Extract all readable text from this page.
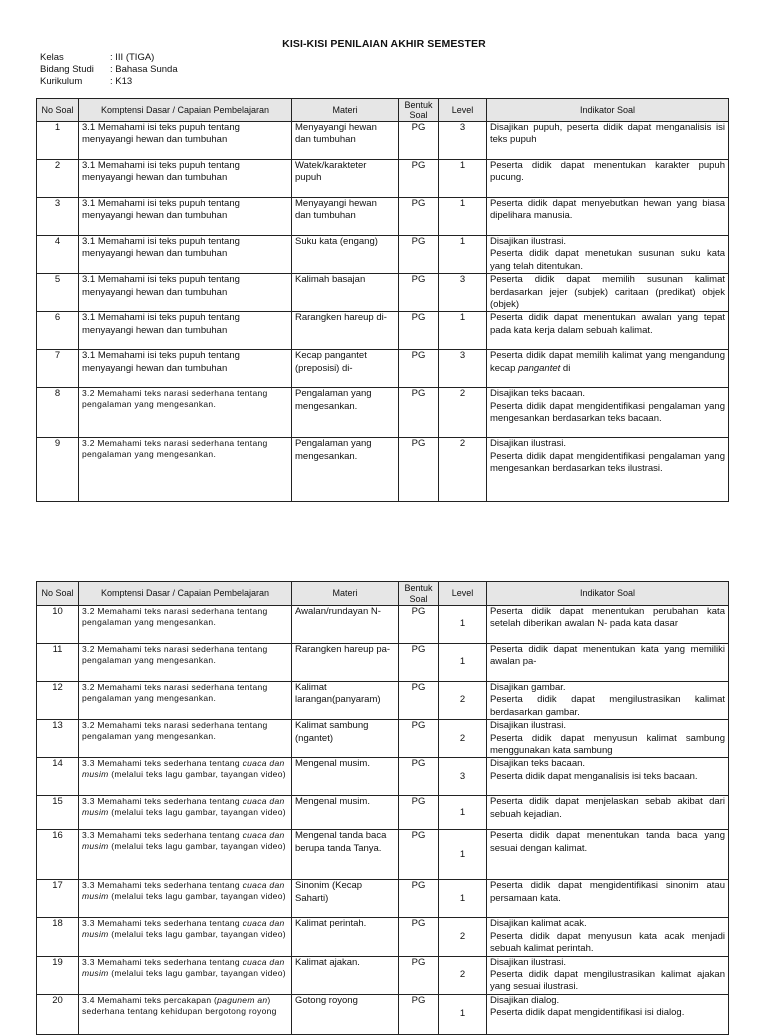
KISI-KISI PENILAIAN AKHIR SEMESTER
Kelas	: III (TIGA)
Bidang Studi	: Bahasa Sunda
Kurikulum	: K13
No Soal	Komptensi Dasar / Capaian Pembelajaran	Materi	Bentuk Soal	Level	Indikator Soal
1	3.1 Memahami isi teks pupuh tentang menyayangi hewan dan tumbuhan	Menyayangi hewan dan tumbuhan	PG	3	Disajikan pupuh, peserta didik dapat menganalisis isi teks pupuh

2	3.1 Memahami isi teks pupuh tentang menyayangi hewan dan tumbuhan	Watek/karakteter pupuh	PG	1	Peserta didik dapat menentukan karakter pupuh pucung.

3	3.1 Memahami isi teks pupuh tentang menyayangi hewan dan tumbuhan	Menyayangi hewan dan tumbuhan	PG	1	Peserta didik dapat menyebutkan hewan yang biasa dipelihara manusia.

4	3.1 Memahami isi teks pupuh tentang menyayangi hewan dan tumbuhan	Suku kata (engang)	PG	1	Disajikan ilustrasi.
Peserta didik dapat menetukan susunan suku kata yang telah ditentukan.

5	3.1 Memahami isi teks pupuh tentang menyayangi hewan dan tumbuhan	Kalimah basajan	PG	3	Peserta didik dapat memilih susunan kalimat berdasarkan jejer (subjek) caritaan (predikat) objek (objek)

6	3.1 Memahami isi teks pupuh tentang menyayangi hewan dan tumbuhan	Rarangken hareup di-	PG	1	Peserta didik dapat menentukan awalan yang tepat pada kata kerja dalam sebuah kalimat.

7	3.1 Memahami isi teks pupuh tentang menyayangi hewan dan tumbuhan	Kecap pangantet (preposisi) di-	PG	3	Peserta didik dapat memilih kalimat yang mengandung kecap pangantet di
8	3.2 Memahami teks narasi sederhana tentang pengalaman yang mengesankan.	Pengalaman yang mengesankan.	PG	2	Disajikan teks bacaan.
Peserta didik dapat mengidentifikasi pengalaman yang mengesankan berdasarkan teks bacaan.

9	3.2 Memahami teks narasi sederhana tentang pengalaman yang mengesankan.	Pengalaman yang mengesankan.	PG	2	Disajikan ilustrasi.
Peserta didik dapat mengidentifikasi pengalaman yang mengesankan berdasarkan teks ilustrasi.
No Soal	Komptensi Dasar / Capaian Pembelajaran	Materi	Bentuk Soal	Level	Indikator Soal
10	3.2 Memahami teks narasi sederhana tentang pengalaman yang mengesankan.	Awalan/rundayan N-	PG	1	Peserta didik dapat menentukan perubahan kata setelah diberikan awalan N- pada kata dasar

11	3.2 Memahami teks narasi sederhana tentang pengalaman yang mengesankan.	Rarangken hareup pa-	PG	1	Peserta didik dapat menentukan kata yang memiliki awalan pa-

12	3.2 Memahami teks narasi sederhana tentang pengalaman yang mengesankan.	Kalimat larangan(panyaram)	PG	2	Disajikan gambar.
Peserta didik dapat mengilustrasikan kalimat berdasarkan gambar.

13	3.2 Memahami teks narasi sederhana tentang pengalaman yang mengesankan.	Kalimat sambung (ngantet)	PG	2	Disajikan ilustrasi.
Peserta didik dapat menyusun kalimat sambung menggunakan kata sambung

14	3.3 Memahami teks sederhana tentang cuaca dan musim (melalui teks lagu gambar, tayangan video)	Mengenal musim.	PG	3	Disajikan teks bacaan.
Peserta didik dapat menganalisis isi teks bacaan.

15	3.3 Memahami teks sederhana tentang cuaca dan musim (melalui teks lagu gambar, tayangan video)	Mengenal musim.	PG	1	Peserta didik dapat menjelaskan sebab akibat dari sebuah kejadian.

16	3.3 Memahami teks sederhana tentang cuaca dan musim (melalui teks lagu gambar, tayangan video)	Mengenal tanda baca berupa tanda Tanya.	PG	1	Peserta didik dapat menentukan tanda baca yang sesuai dengan kalimat.

17	3.3 Memahami teks sederhana tentang cuaca dan musim (melalui teks lagu gambar, tayangan video)	Sinonim (Kecap Saharti)	PG	1	Peserta didik dapat mengidentifikasi sinonim atau persamaan kata.

18	3.3 Memahami teks sederhana tentang cuaca dan musim (melalui teks lagu gambar, tayangan video)	Kalimat perintah.	PG	2	Disajikan kalimat acak.
Peserta didik dapat menyusun kata acak menjadi sebuah kalimat perintah.

19	3.3 Memahami teks sederhana tentang cuaca dan musim (melalui teks lagu gambar, tayangan video)	Kalimat ajakan.	PG	2	Disajikan ilustrasi.
Peserta didik dapat mengilustrasikan kalimat ajakan yang sesuai ilustrasi.

20	3.4 Memahami teks percakapan (pagunem an) sederhana tentang kehidupan bergotong royong	Gotong royong	PG	1	Disajikan dialog.
Peserta didik dapat mengidentifikasi isi dialog.
